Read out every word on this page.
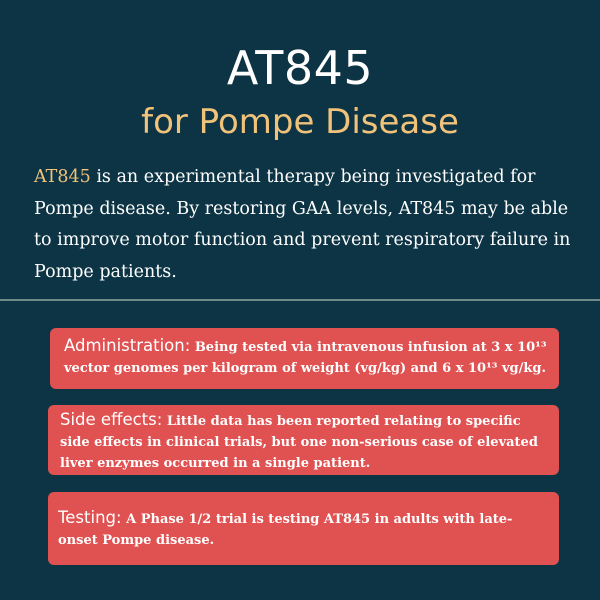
AT845
for Pompe Disease
AT845 is an experimental therapy being investigated for Pompe disease. By restoring GAA levels, AT845 may be able to improve motor function and prevent respiratory failure in Pompe patients.
Administration: Being tested via intravenous infusion at 3 x 10¹³ vector genomes per kilogram of weight (vg/kg) and 6 x 10¹³ vg/kg.
Side effects: Little data has been reported relating to specific side effects in clinical trials, but one non-serious case of elevated liver enzymes occurred in a single patient.
Testing: A Phase 1/2 trial is testing AT845 in adults with late-onset Pompe disease.
